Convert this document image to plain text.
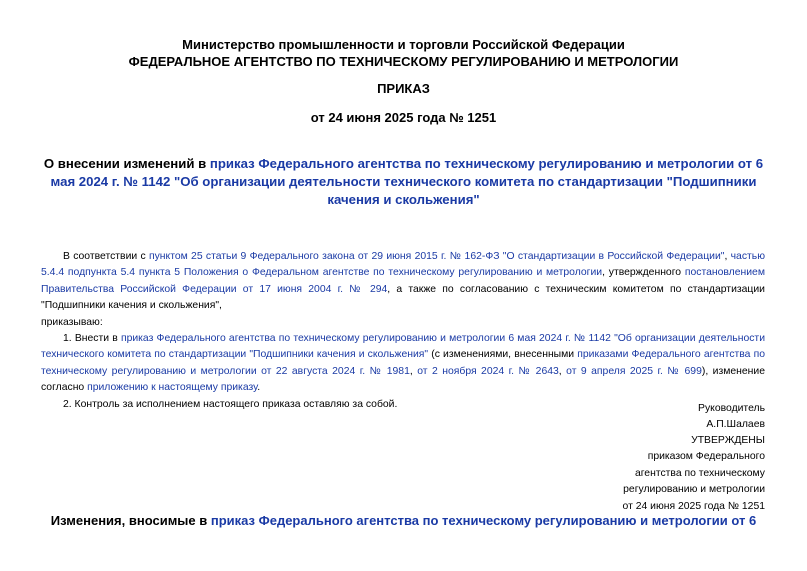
Министерство промышленности и торговли Российской Федерации
ФЕДЕРАЛЬНОЕ АГЕНТСТВО ПО ТЕХНИЧЕСКОМУ РЕГУЛИРОВАНИЮ И МЕТРОЛОГИИ
ПРИКАЗ
от 24 июня 2025 года № 1251
О внесении изменений в приказ Федерального агентства по техническому регулированию и метрологии от 6 мая 2024 г. № 1142 "Об организации деятельности технического комитета по стандартизации "Подшипники качения и скольжения"

В соответствии с пунктом 25 статьи 9 Федерального закона от 29 июня 2015 г. № 162-ФЗ "О стандартизации в Российской Федерации", частью 5.4.4 подпункта 5.4 пункта 5 Положения о Федеральном агентстве по техническому регулированию и метрологии, утвержденного постановлением Правительства Российской Федерации от 17 июня 2004 г. № 294, а также по согласованию с техническим комитетом по стандартизации "Подшипники качения и скольжения",

приказываю:

1. Внести в приказ Федерального агентства по техническому регулированию и метрологии 6 мая 2024 г. № 1142 "Об организации деятельности технического комитета по стандартизации "Подшипники качения и скольжения" (с изменениями, внесенными приказами Федерального агентства по техническому регулированию и метрологии от 22 августа 2024 г. № 1981, от 2 ноября 2024 г. № 2643, от 9 апреля 2025 г. № 699), изменение согласно приложению к настоящему приказу.

2. Контроль за исполнением настоящего приказа оставляю за собой.	Руководитель
А.П.Шалаев
УТВЕРЖДЕНЫ
приказом Федерального
агентства по техническому
регулированию и метрологии
от 24 июня 2025 года № 1251
Изменения, вносимые в приказ Федерального агентства по техническому регулированию и метрологии от 6
